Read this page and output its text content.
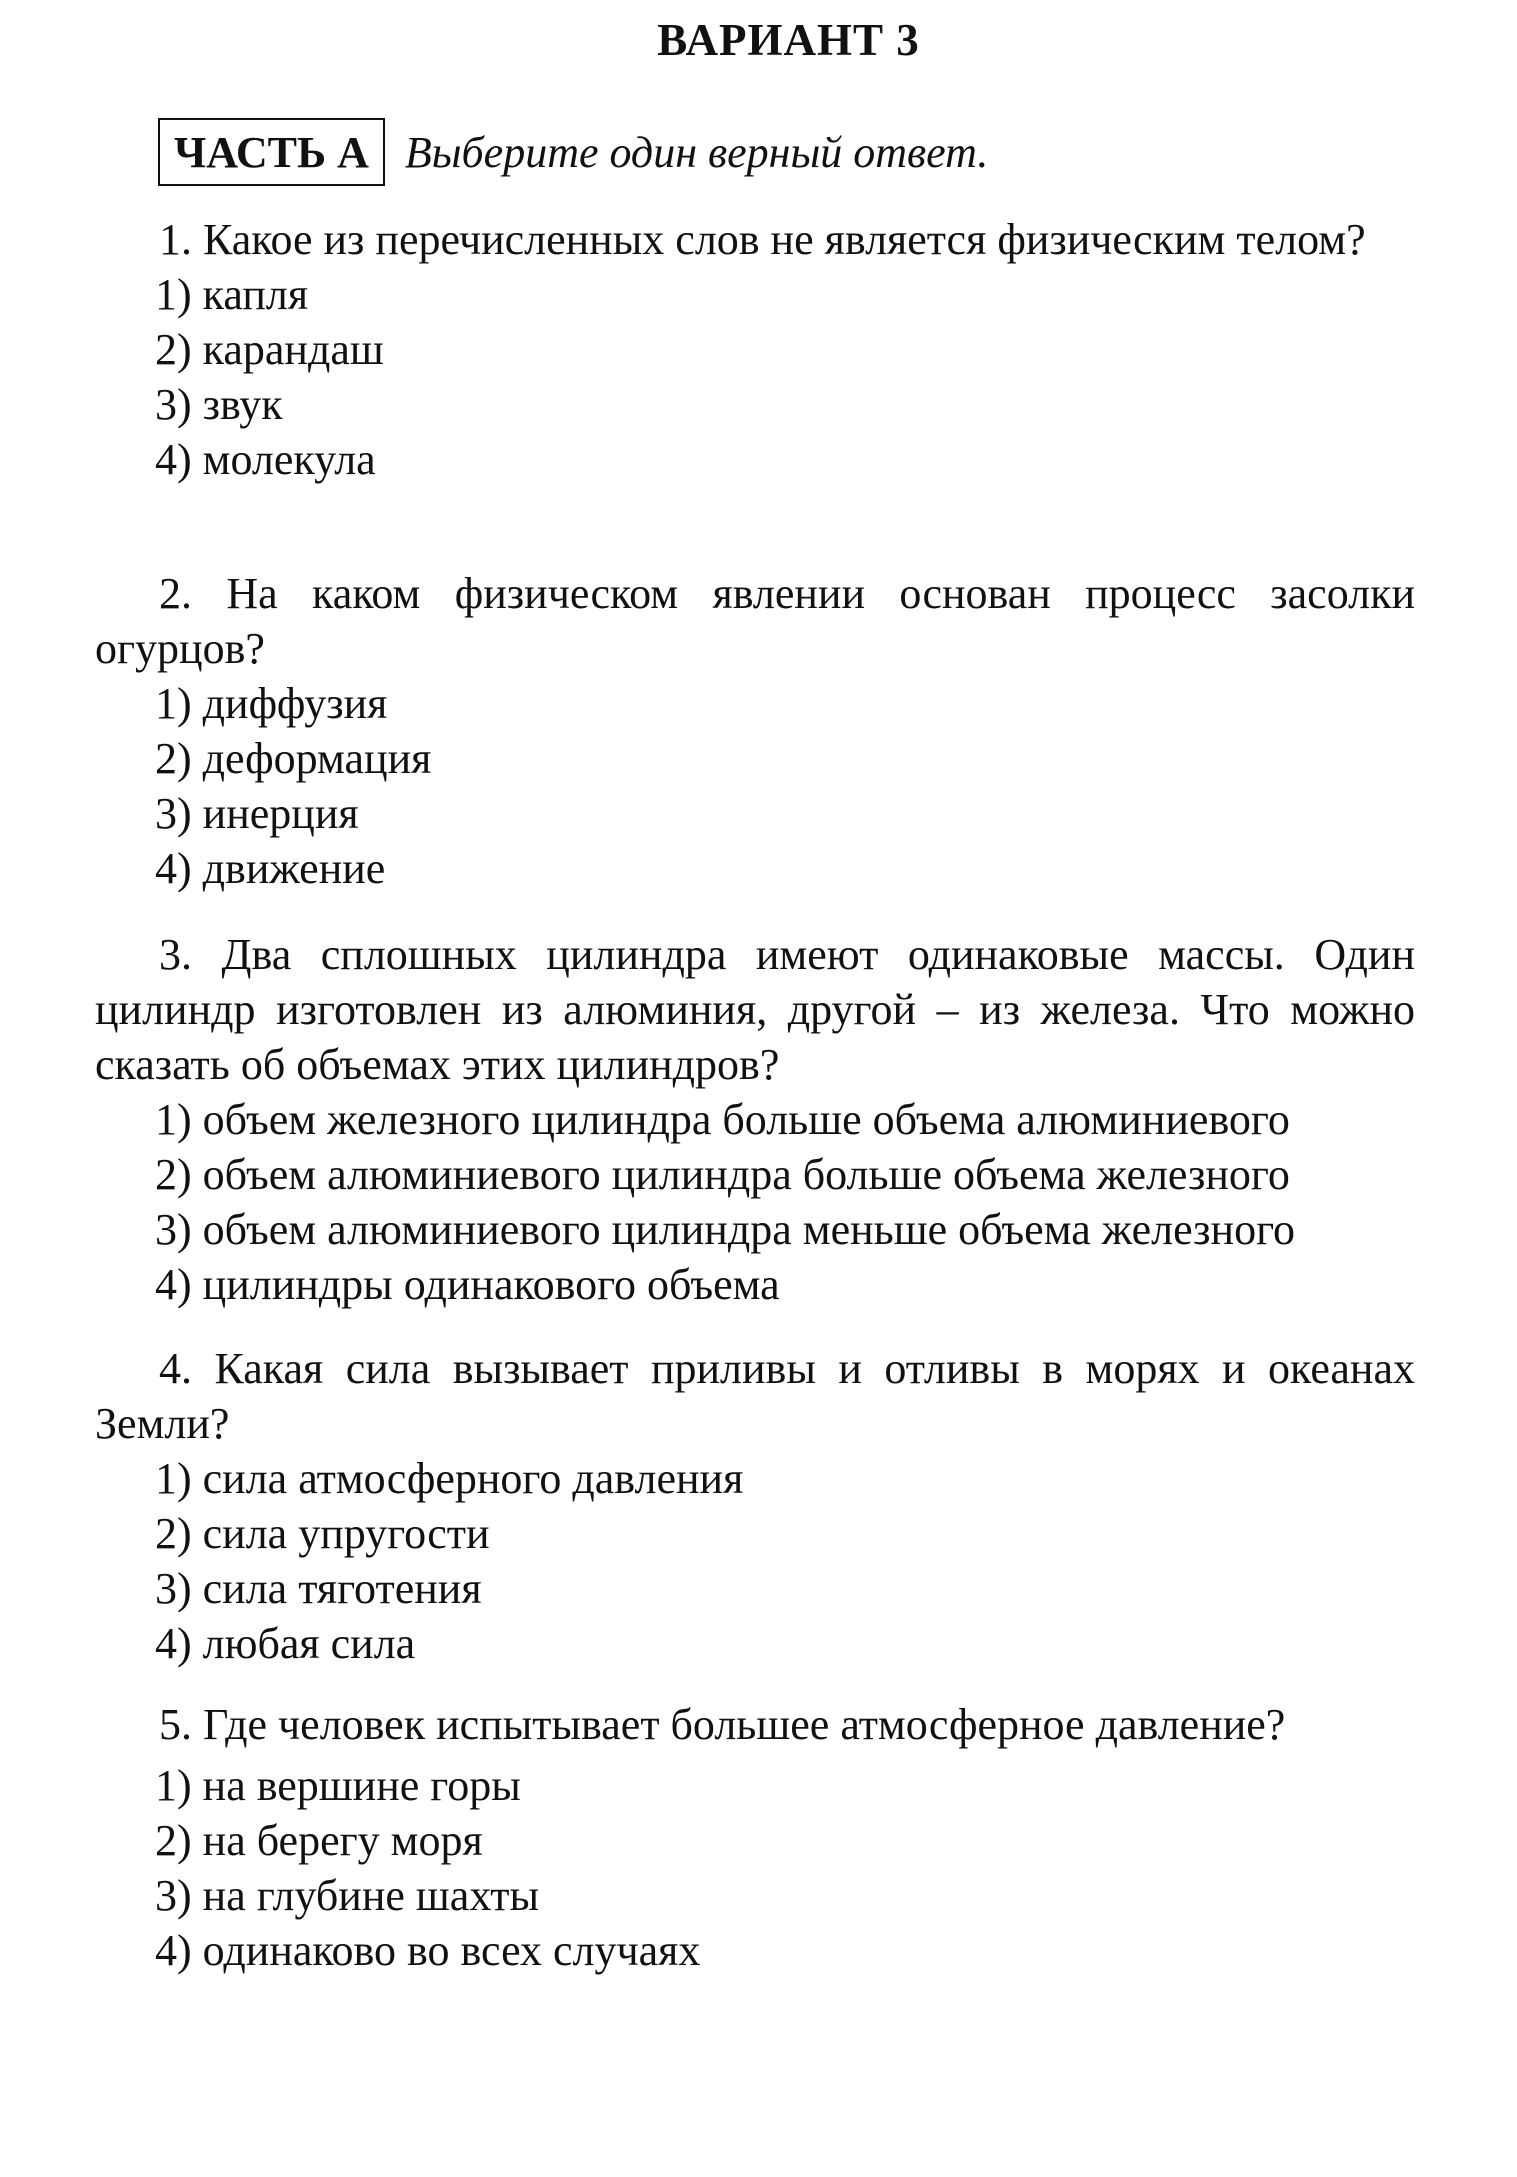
ВАРИАНТ 3
ЧАСТЬ А Выберите один верный ответ.

1. Какое из перечисленных слов не является физическим телом?

1) капля
2) карандаш
3) звук
4) молекула

2. На каком физическом явлении основан процесс засолки огурцов?

1) диффузия
2) деформация
3) инерция
4) движение

3. Два сплошных цилиндра имеют одинаковые массы. Один цилиндр изготовлен из алюминия, другой – из железа. Что можно сказать об объемах этих цилиндров?

1) объем железного цилиндра больше объема алюминиевого
2) объем алюминиевого цилиндра больше объема железного
3) объем алюминиевого цилиндра меньше объема железного
4) цилиндры одинакового объема

4. Какая сила вызывает приливы и отливы в морях и океанах Земли?

1) сила атмосферного давления
2) сила упругости
3) сила тяготения
4) любая сила

5. Где человек испытывает большее атмосферное давление?

1) на вершине горы
2) на берегу моря
3) на глубине шахты
4) одинаково во всех случаях
